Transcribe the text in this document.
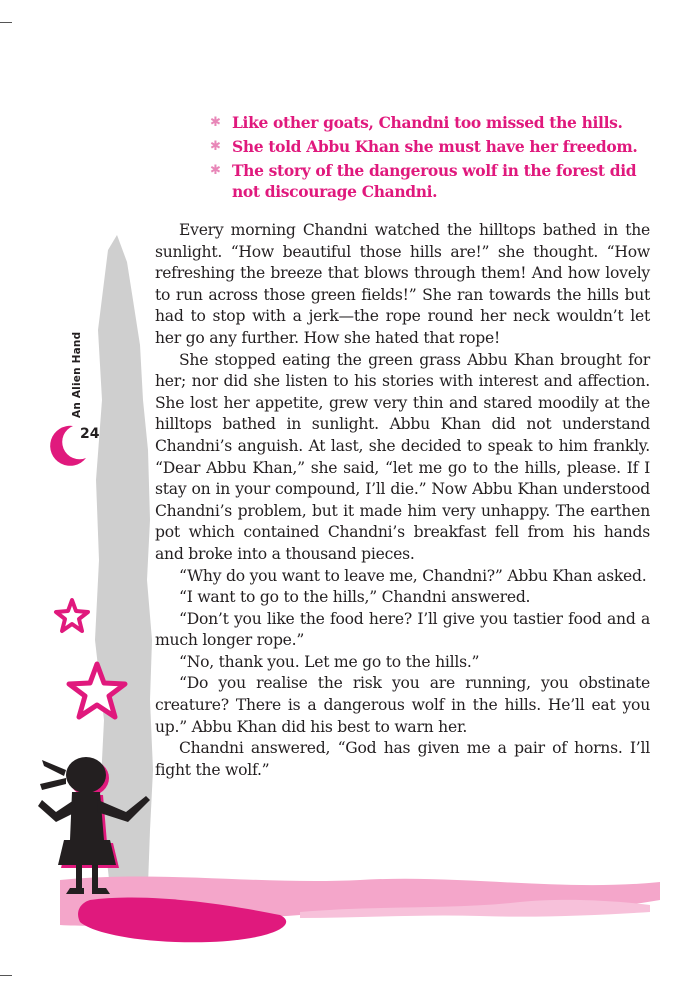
An Alien Hand
24
✱ Like other goats, Chandni too missed the hills.
✱ She told Abbu Khan she must have her freedom.
✱ The story of the dangerous wolf in the forest did not discourage Chandni.

Every morning Chandni watched the hilltops bathed in the sunlight. “How beautiful those hills are!” she thought. “How refreshing the breeze that blows through them! And how lovely to run across those green fields!” She ran towards the hills but had to stop with a jerk—the rope round her neck wouldn’t let her go any further. How she hated that rope!

She stopped eating the green grass Abbu Khan brought for her; nor did she listen to his stories with interest and affection. She lost her appetite, grew very thin and stared moodily at the hilltops bathed in sunlight. Abbu Khan did not understand Chandni’s anguish. At last, she decided to speak to him frankly. “Dear Abbu Khan,” she said, “let me go to the hills, please. If I stay on in your compound, I’ll die.” Now Abbu Khan understood Chandni’s problem, but it made him very unhappy. The earthen pot which contained Chandni’s breakfast fell from his hands and broke into a thousand pieces.

“Why do you want to leave me, Chandni?” Abbu Khan asked.

“I want to go to the hills,” Chandni answered.

“Don’t you like the food here? I’ll give you tastier food and a much longer rope.”

“No, thank you. Let me go to the hills.”

“Do you realise the risk you are running, you obstinate creature? There is a dangerous wolf in the hills. He’ll eat you up.” Abbu Khan did his best to warn her.

Chandni answered, “God has given me a pair of horns. I’ll fight the wolf.”
